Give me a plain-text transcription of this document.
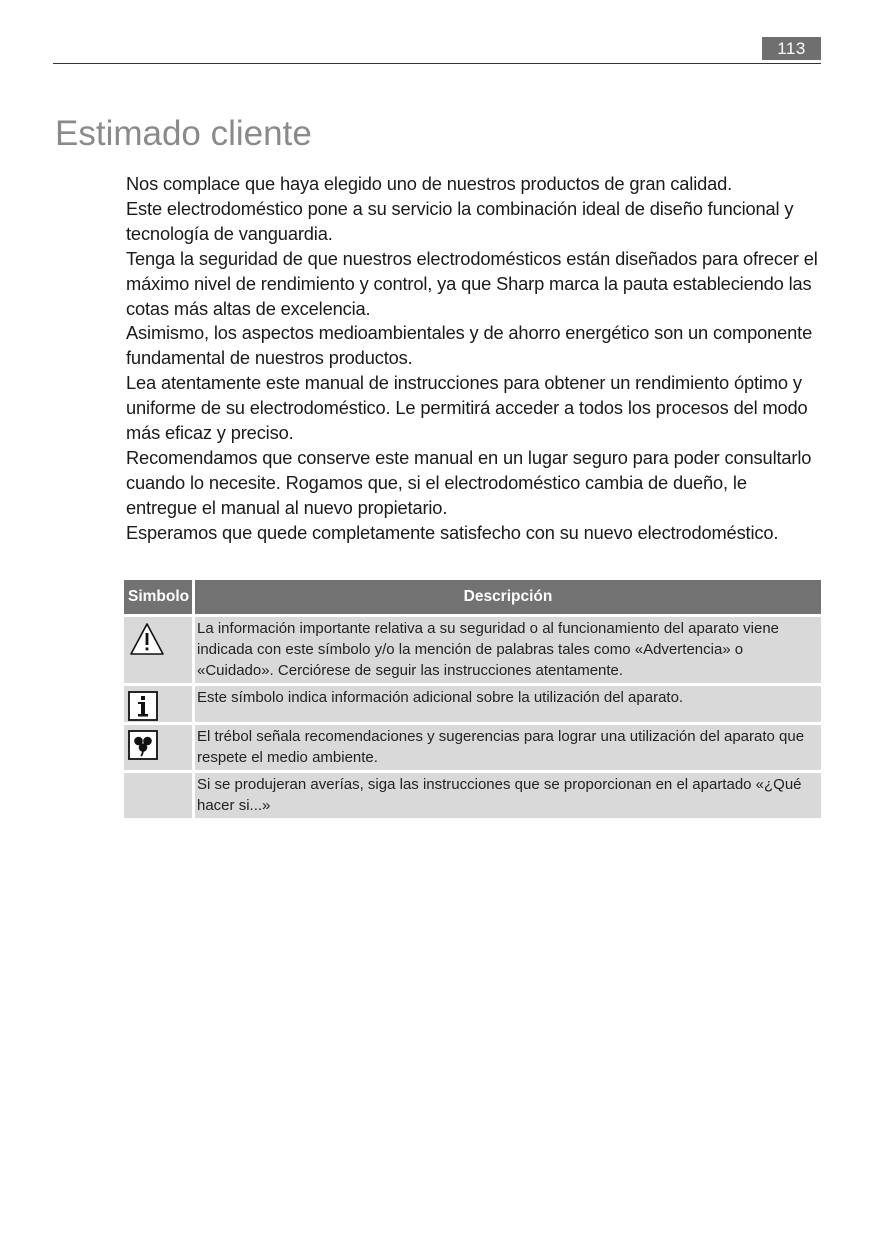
113
Estimado cliente

Nos complace que haya elegido uno de nuestros productos de gran calidad.

Este electrodoméstico pone a su servicio la combinación ideal de diseño funcional y tecnología de vanguardia.

Tenga la seguridad de que nuestros electrodomésticos están diseñados para ofrecer el máximo nivel de rendimiento y control, ya que Sharp marca la pauta estableciendo las cotas más altas de excelencia.

Asimismo, los aspectos medioambientales y de ahorro energético son un componente fundamental de nuestros productos.

Lea atentamente este manual de instrucciones para obtener un rendimiento óptimo y uniforme de su electrodoméstico. Le permitirá acceder a todos los procesos del modo más eficaz y preciso.

Recomendamos que conserve este manual en un lugar seguro para poder consultarlo cuando lo necesite. Rogamos que, si el electrodoméstico cambia de dueño, le entregue el manual al nuevo propietario.

Esperamos que quede completamente satisfecho con su nuevo electrodoméstico.

Simbolo	Descripción

	La información importante relativa a su seguridad o al funcionamiento del aparato viene indicada con este símbolo y/o la mención de palabras tales como «Advertencia» o «Cuidado». Cerciórese de seguir las instrucciones atentamente.

	Este símbolo indica información adicional sobre la utilización del aparato.

	El trébol señala recomendaciones y sugerencias para lograr una utilización del aparato que respete el medio ambiente.
	Si se produjeran averías, siga las instrucciones que se proporcionan en el apartado «¿Qué hacer si...»
